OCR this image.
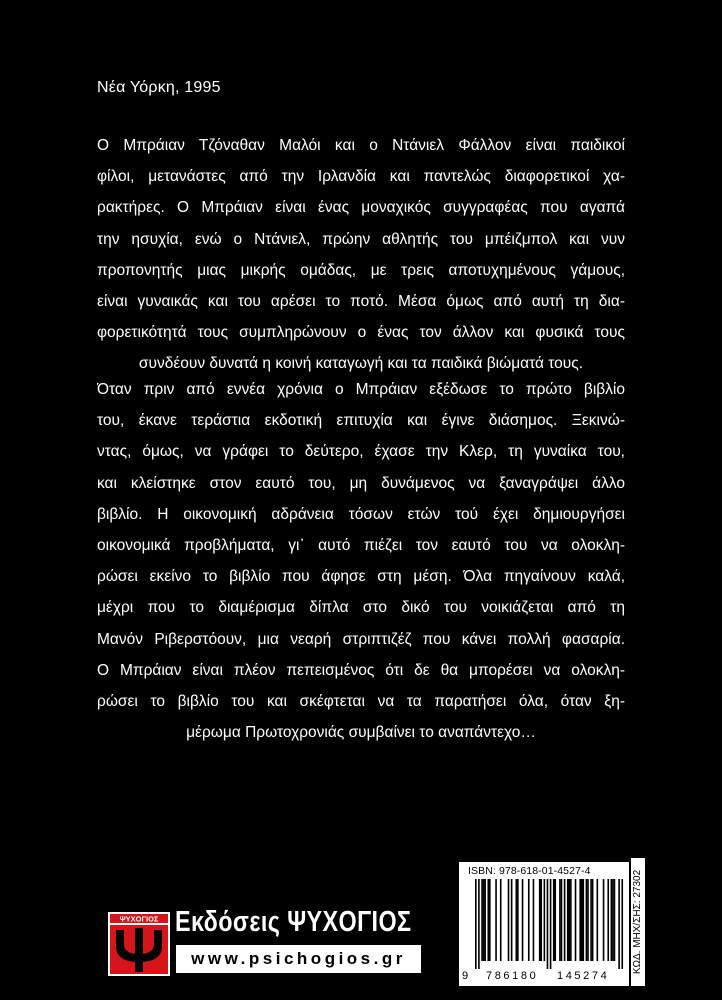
Νέα Υόρκη, 1995
Ο Μπράιαν Τζόναθαν Μαλόι και ο Ντάνιελ Φάλλον είναι παιδικοί
φίλοι, μετανάστες από την Ιρλανδία και παντελώς διαφορετικοί χα-
ρακτήρες. Ο Μπράιαν είναι ένας μοναχικός συγγραφέας που αγαπά
την ησυχία, ενώ ο Ντάνιελ, πρώην αθλητής του μπέιζμπολ και νυν
προπονητής μιας μικρής ομάδας, με τρεις αποτυχημένους γάμους,
είναι γυναικάς και του αρέσει το ποτό. Μέσα όμως από αυτή τη δια-
φορετικότητά τους συμπληρώνουν ο ένας τον άλλον και φυσικά τους
συνδέουν δυνατά η κοινή καταγωγή και τα παιδικά βιώματά τους.
Όταν πριν από εννέα χρόνια ο Μπράιαν εξέδωσε το πρώτο βιβλίο
του, έκανε τεράστια εκδοτική επιτυχία και έγινε διάσημος. Ξεκινώ-
ντας, όμως, να γράφει το δεύτερο, έχασε την Κλερ, τη γυναίκα του,
και κλείστηκε στον εαυτό του, μη δυνάμενος να ξαναγράψει άλλο
βιβλίο. Η οικονομική αδράνεια τόσων ετών τού έχει δημιουργήσει
οικονομικά προβλήματα, γι᾽ αυτό πιέζει τον εαυτό του να ολοκλη-
ρώσει εκείνο το βιβλίο που άφησε στη μέση. Όλα πηγαίνουν καλά,
μέχρι που το διαμέρισμα δίπλα στο δικό του νοικιάζεται από τη
Μανόν Ριβερστόουν, μια νεαρή στριπτιζέζ που κάνει πολλή φασαρία.
Ο Μπράιαν είναι πλέον πεπεισμένος ότι δε θα μπορέσει να ολοκλη-
ρώσει το βιβλίο του και σκέφτεται να τα παρατήσει όλα, όταν ξη-
μέρωμα Πρωτοχρονιάς συμβαίνει το αναπάντεχο…
ΨΥΧΟΓΙΟΣ Εκδόσεις ΨΥΧΟΓΙΟΣ
www.psichogios.gr
ISBN: 978-618-01-4527-4
9 786180 145274
ΚΩΔ. ΜΗΧ/ΣΗΣ: 27302
